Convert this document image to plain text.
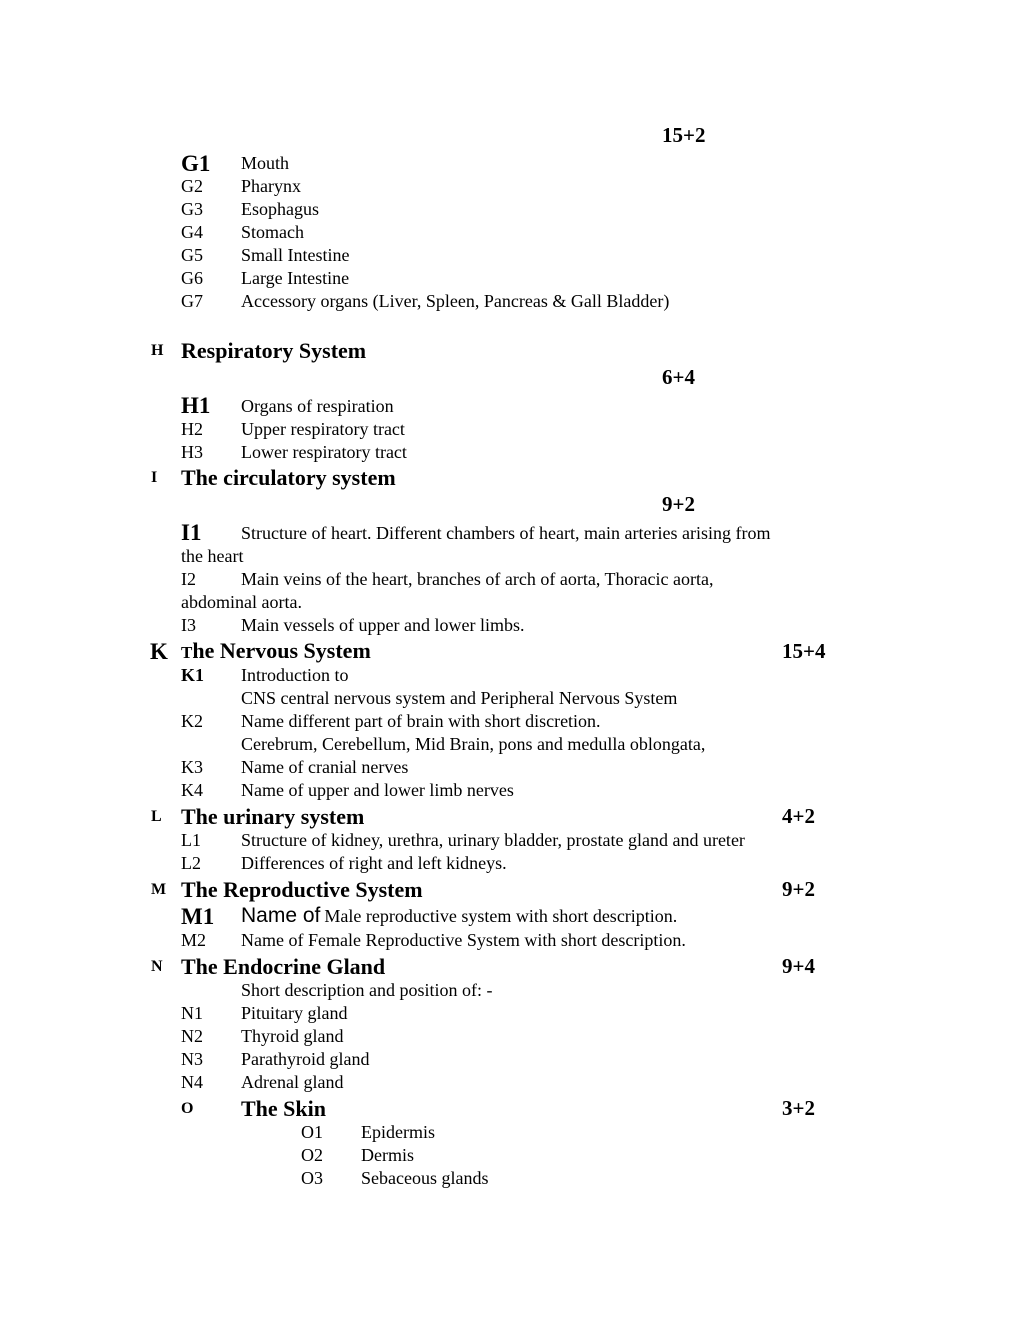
15+2
G1 Mouth
G2 Pharynx
G3 Esophagus
G4 Stomach
G5 Small Intestine
G6 Large Intestine
G7 Accessory organs (Liver, Spleen, Pancreas & Gall Bladder)
H Respiratory System
6+4
H1 Organs of respiration
H2 Upper respiratory tract
H3 Lower respiratory tract
I The circulatory system
9+2
I1 Structure of heart. Different chambers of heart, main arteries arising from
the heart
I2	Main veins of the heart, branches of arch of aorta, Thoracic aorta,
abdominal aorta.
I3	Main vessels of upper and lower limbs.
K The Nervous System	15+4
K1 Introduction to
CNS central nervous system and Peripheral Nervous System
K2 Name different part of brain with short discretion.
Cerebrum, Cerebellum, Mid Brain, pons and medulla oblongata,
K3 Name of cranial nerves
K4 Name of upper and lower limb nerves
L The urinary system	4+2
L1 Structure of kidney, urethra, urinary bladder, prostate gland and ureter
L2 Differences of right and left kidneys.
M The Reproductive System	9+2
M1 Name of Male reproductive system with short description.
M2 Name of Female Reproductive System with short description.
N The Endocrine Gland	9+4
Short description and position of: -
N1 Pituitary gland
N2 Thyroid gland
N3 Parathyroid gland
N4 Adrenal gland
O The Skin	3+2
O1 Epidermis
O2 Dermis
O3 Sebaceous glands
